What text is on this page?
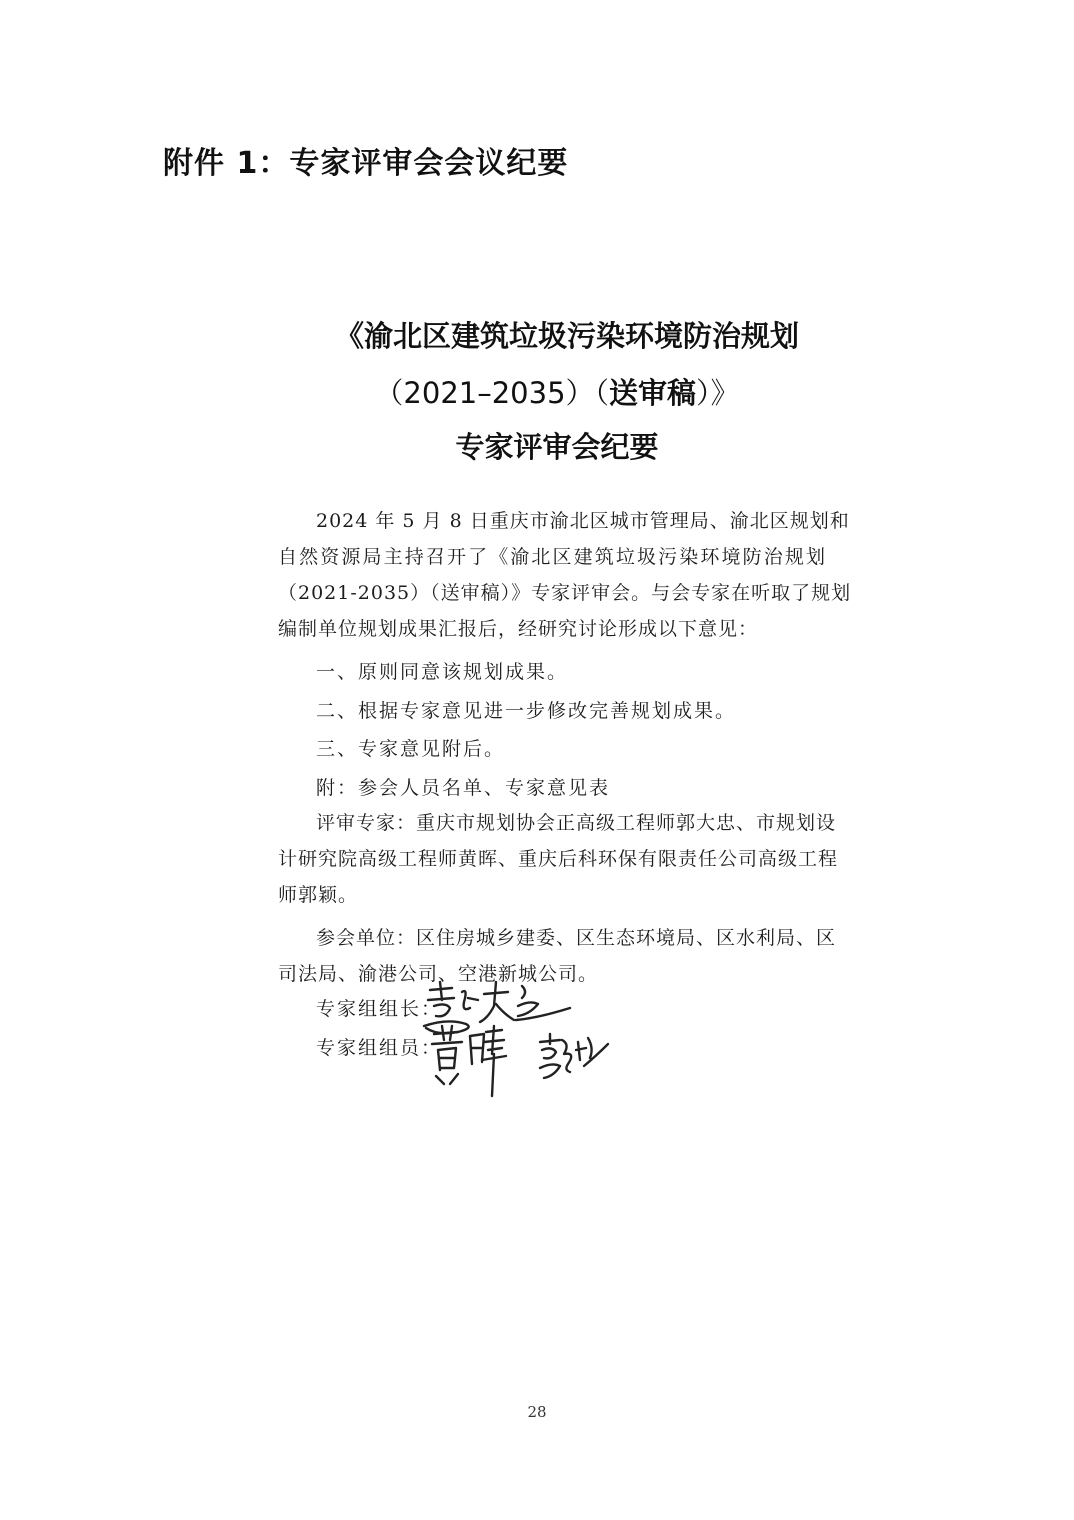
附件 1：专家评审会会议纪要
《渝北区建筑垃圾污染环境防治规划
（2021–2035）（送审稿）》
专家评审会纪要
2024 年 5 月 8 日重庆市渝北区城市管理局、渝北区规划和
自然资源局主持召开了《渝北区建筑垃圾污染环境防治规划
（2021-2035）（送审稿）》专家评审会。与会专家在听取了规划
编制单位规划成果汇报后，经研究讨论形成以下意见：
一、原则同意该规划成果。
二、根据专家意见进一步修改完善规划成果。
三、专家意见附后。
附：参会人员名单、专家意见表
评审专家：重庆市规划协会正高级工程师郭大忠、市规划设
计研究院高级工程师黄晖、重庆后科环保有限责任公司高级工程
师郭颖。
参会单位：区住房城乡建委、区生态环境局、区水利局、区
司法局、渝港公司、空港新城公司。
专家组组长：
专家组组员：
28
